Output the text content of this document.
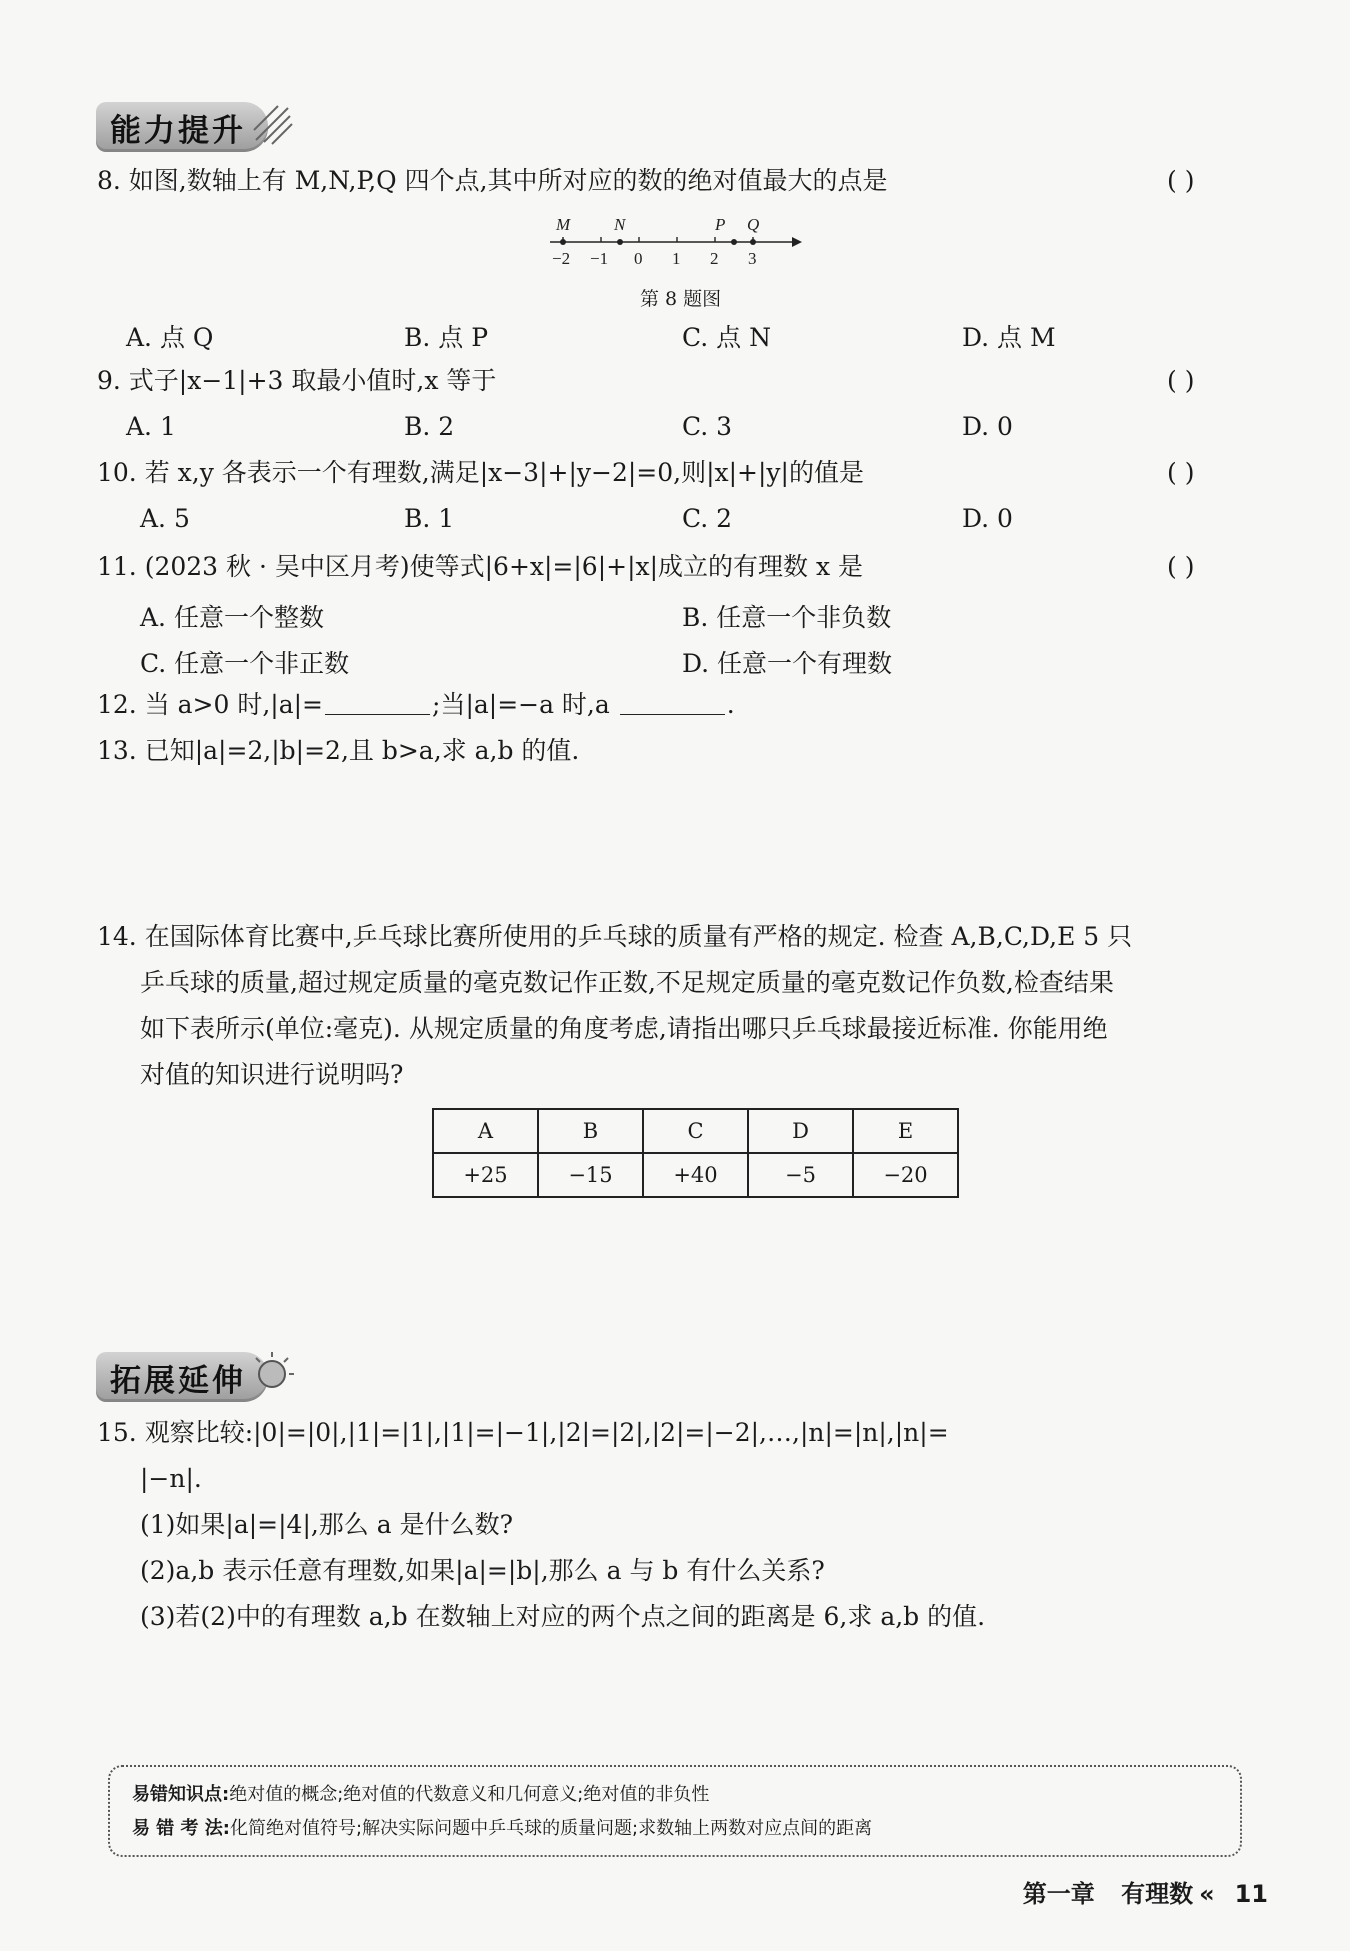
能力提升
8. 如图,数轴上有 M,N,P,Q 四个点,其中所对应的数的绝对值最大的点是	( )
M	N	P Q
−2 −1 0 1 2 3
第 8 题图
A. 点 Q	B. 点 P	C. 点 N	D. 点 M
9. 式子|x−1|+3 取最小值时,x 等于	( )
A. 1	B. 2	C. 3	D. 0
10. 若 x,y 各表示一个有理数,满足|x−3|+|y−2|=0,则|x|+|y|的值是	( )
A. 5	B. 1	C. 2	D. 0
11. (2023 秋 · 吴中区月考)使等式|6+x|=|6|+|x|成立的有理数 x 是	( )
A. 任意一个整数	B. 任意一个非负数
C. 任意一个非正数	D. 任意一个有理数
12. 当 a>0 时,|a|=	;当|a|=−a 时,a	.
13. 已知|a|=2,|b|=2,且 b>a,求 a,b 的值.
14. 在国际体育比赛中,乒乓球比赛所使用的乒乓球的质量有严格的规定. 检查 A,B,C,D,E 5 只
乒乓球的质量,超过规定质量的毫克数记作正数,不足规定质量的毫克数记作负数,检查结果
如下表所示(单位:毫克). 从规定质量的角度考虑,请指出哪只乒乓球最接近标准. 你能用绝
对值的知识进行说明吗?
A	B	C	D	E
+25	−15	+40	−5	−20
拓展延伸
15. 观察比较:|0|=|0|,|1|=|1|,|1|=|−1|,|2|=|2|,|2|=|−2|,…,|n|=|n|,|n|=
|−n|.
(1)如果|a|=|4|,那么 a 是什么数?
(2)a,b 表示任意有理数,如果|a|=|b|,那么 a 与 b 有什么关系?
(3)若(2)中的有理数 a,b 在数轴上对应的两个点之间的距离是 6,求 a,b 的值.
易错知识点:绝对值的概念;绝对值的代数意义和几何意义;绝对值的非负性
易 错 考 法:化简绝对值符号;解决实际问题中乒乓球的质量问题;求数轴上两数对应点间的距离
第一章 有理数 « 11
